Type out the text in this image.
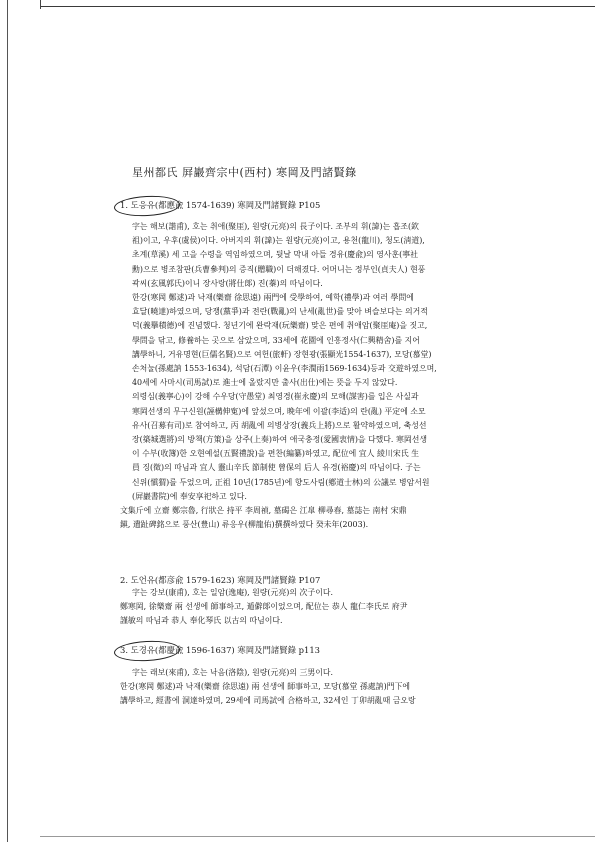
星州都氏 屛巖齊宗中(西村) 寒岡及門諸賢錄
1. 도응유(都應兪 1574-1639) 寒岡及門諸賢錄 P105
字는 해보(諧甫), 호는 취애(聚厓), 원량(元亮)의 長子이다. 조부의 휘(諱)는 흡조(欽
祖)이고, 우후(虞侯)이다. 아버지의 휘(諱)는 원량(元亮)이고, 용천(龍川), 청도(淸道),
초계(草溪) 세 고을 수령을 역임하였으며, 뒷날 막내 아들 경유(慶兪)의 영사훈(寧社
勳)으로 병조참판(兵曹參判)의 증직(贈職)이 더해졌다. 어머니는 정부인(貞夫人) 현풍
곽씨(玄風郭氏)이니 장사랑(將仕郞) 진(蓁)의 따님이다.
한강(寒岡 鄭逑)과 낙재(樂齋 徐思遠) 兩門에 受學하여, 예학(禮學)과 여러 學問에
효달(曉達)하였으며, 당쟁(黨爭)과 전란(戰亂)의 난세(亂世)를 맞아 벼슬보다는 의거적
덕(義擧積德)에 진념했다. 청년기에 완락재(玩樂齋) 맞은 편에 취애암(聚厓庵)을 짓고,
學問을 닦고, 修養하는 곳으로 삼았으며, 33세에 花園에 인흥정사(仁興精舍)를 지어
講學하니, 거유명현(巨儒名賢)으로 여헌(旅軒) 장현광(張顯光1554-1637), 모당(慕堂)
손처눌(孫處訥 1553-1634), 석담(石潭) 이윤우(李潤雨1569-1634)등과 交遊하였으며,
40세에 사마시(司馬試)로 進士에 올랐지만 출사(出仕)에는 뜻을 두지 않았다.
의령심(義寧心)이 강해 수우당(守愚堂) 최영경(崔永慶)의 모해(謀害)를 입은 사실과
寒岡선생의 무구신원(誣構伸寃)에 앞섰으며, 晩年에 이괄(李适)의 란(亂) 平定에 소모
유사(召募有司)로 참여하고, 丙 胡亂에 의병상장(義兵上將)으로 활약하였으며, 축성선
장(築城選將)의 방책(方策)을 상주(上奏)하여 애국충정(愛國衷情)을 다했다. 寒岡선생
이 수부(收簿)한 오현예설(五賢禮說)을 편찬(編纂)하였고, 配位에 宜人 綾川宋氏 生
員 징(徵)의 따님과 宜人 靈山辛氏 節制使 曾保의 后人 유경(裕慶)의 따님이다. 子는
신위(愼猬)를 두었으며, 正祖 10년(1785년)에 향도사림(鄕道士林)의 公議로 병암서원
(屛巖書院)에 奉安享祀하고 있다.
文集斤에 立齋 鄭宗魯, 行狀은 持平 李周禎, 墓碣은 江皐 柳尋春, 墓誌는 南村 宋鼎
鎭, 遺趾碑銘으로 풍산(豊山) 류응우(柳龍佑)撰撰하였다 癸未年(2003).
2. 도언유(都彦兪 1579-1623) 寒岡及門諸賢錄 P107
字는 강보(康甫), 호는 일암(逸庵), 원량(元亮)의 次子이다.
鄭寒岡, 徐樂齋 兩 선생에 師事하고, 遁僻郞이었으며, 配位는 恭人 龍仁李氏로 府尹
謹敏의 따님과 恭人 奉化琴氏 以古의 따님이다.
3. 도경유(都慶兪 1596-1637) 寒岡及門諸賢錄 p113
字는 래보(來甫), 호는 낙음(洛陰), 원량(元亮)의 三男이다.
한강(寒岡 鄭逑)과 낙재(樂齋 徐思遠) 兩 선생에 師事하고, 모당(慕堂 孫處訥)門下에
講學하고, 經書에 洞達하였며, 29세에 司馬試에 合格하고, 32세인 丁卯胡亂때 금오랑
